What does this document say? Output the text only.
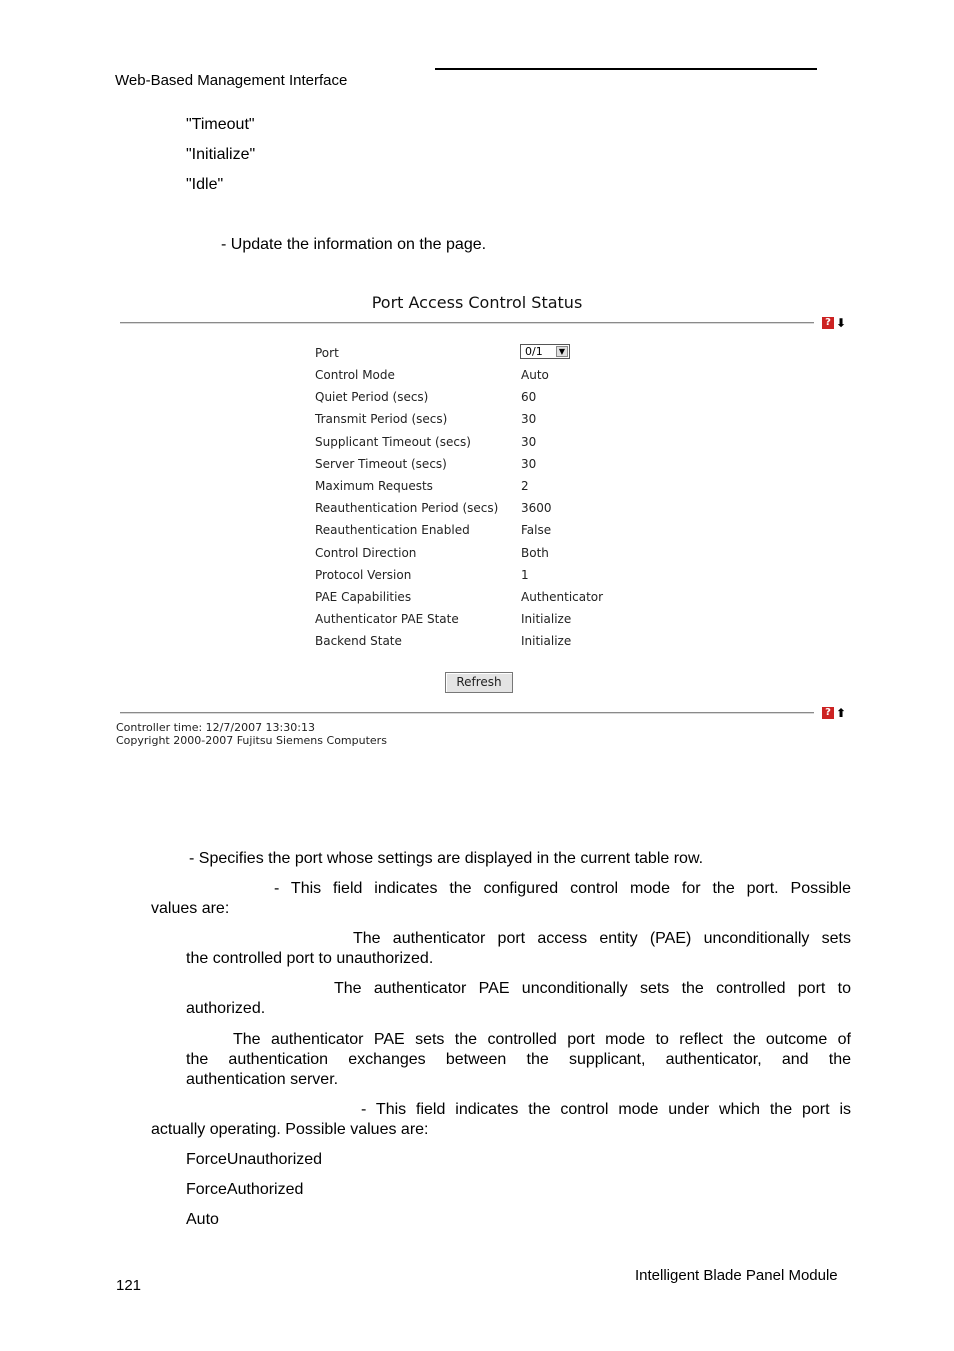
Web-Based Management Interface
"Timeout"
"Initialize"
"Idle"
- Update the information on the page.
Port Access Control Status
? ⬇
Port	0/1	▼
Control Mode	Auto
Quiet Period (secs)	60
Transmit Period (secs)	30
Supplicant Timeout (secs)	30
Server Timeout (secs)	30
Maximum Requests	2
Reauthentication Period (secs) 3600
Reauthentication Enabled	False
Control Direction	Both
Protocol Version	1
PAE Capabilities	Authenticator
Authenticator PAE State	Initialize
Backend State	Initialize
Refresh
? ⬆
Controller time: 12/7/2007 13:30:13
Copyright 2000-2007 Fujitsu Siemens Computers
- Specifies the port whose settings are displayed in the current table row.
- This field indicates the configured control mode for the port. Possible
values are:
The authenticator port access entity (PAE) unconditionally sets
the controlled port to unauthorized.
The authenticator PAE unconditionally sets the controlled port to
authorized.
The authenticator PAE sets the controlled port mode to reflect the outcome of
the authentication exchanges between the supplicant, authenticator, and the
authentication server.
- This field indicates the control mode under which the port is
actually operating. Possible values are:
ForceUnauthorized
ForceAuthorized
Auto
121
Intelligent Blade Panel Module
